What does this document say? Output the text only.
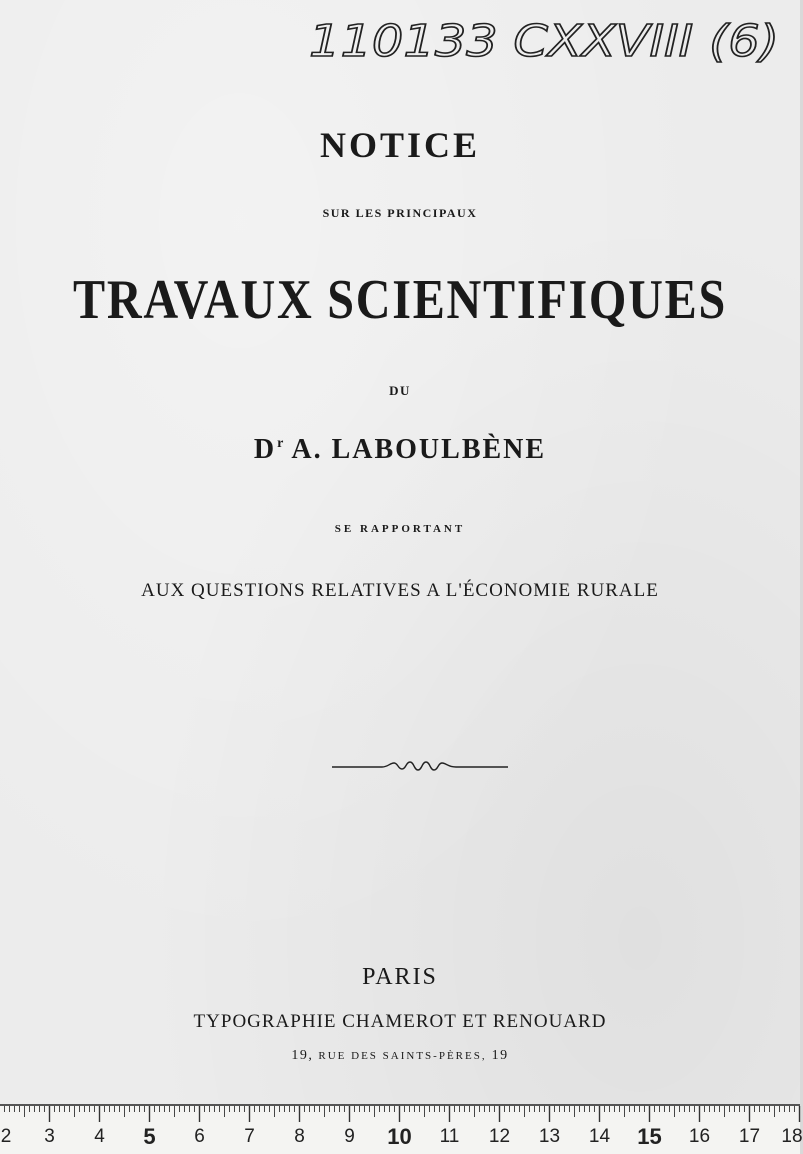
110133 CXXVIII (6)
NOTICE
SUR LES PRINCIPAUX
TRAVAUX SCIENTIFIQUES
DU
$D^r$ A. LABOULBÈNE
SE RAPPORTANT
AUX QUESTIONS RELATIVES A L'ÉCONOMIE RURALE
PARIS
TYPOGRAPHIE CHAMEROT ET RENOUARD
19, RUE DES SAINTS-PÈRES, 19
2 3 4 5 6 7 8 9 10 11 12 13 14 15 16 17 18
